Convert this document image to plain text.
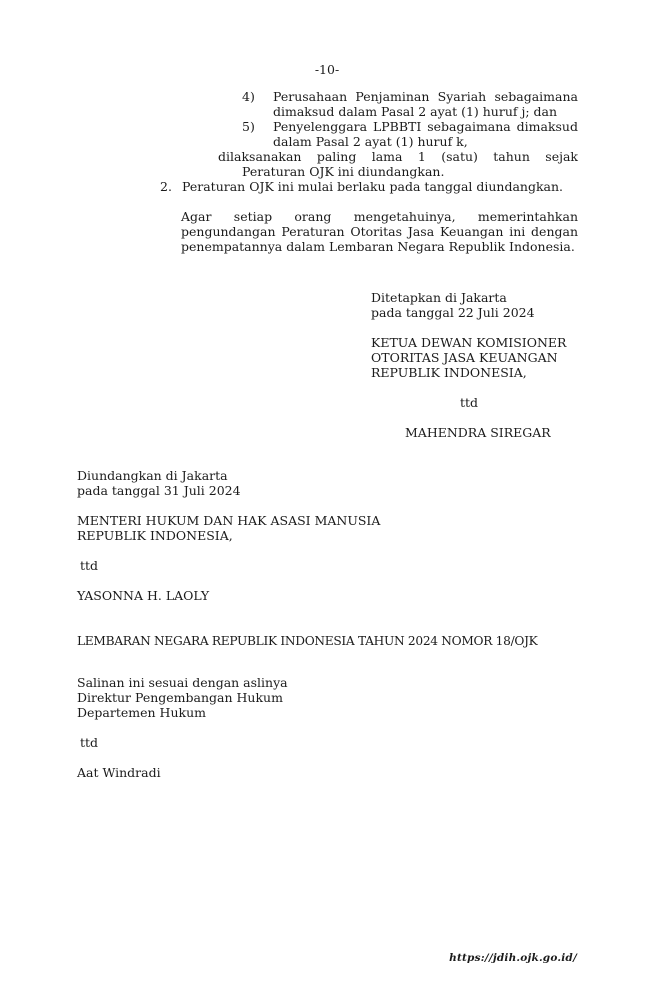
-10-
4)	Perusahaan Penjaminan Syariah sebagaimana
dimaksud dalam Pasal 2 ayat (1) huruf j; dan
5)	Penyelenggara LPBBTI sebagaimana dimaksud
dalam Pasal 2 ayat (1) huruf k,
dilaksanakan paling lama 1 (satu) tahun sejak
Peraturan OJK ini diundangkan.
2. Peraturan OJK ini mulai berlaku pada tanggal diundangkan.
Agar setiap orang mengetahuinya, memerintahkan
pengundangan Peraturan Otoritas Jasa Keuangan ini dengan
penempatannya dalam Lembaran Negara Republik Indonesia.
Ditetapkan di Jakarta
pada tanggal 22 Juli 2024
KETUA DEWAN KOMISIONER
OTORITAS JASA KEUANGAN
REPUBLIK INDONESIA,
ttd
MAHENDRA SIREGAR
Diundangkan di Jakarta
pada tanggal 31 Juli 2024
MENTERI HUKUM DAN HAK ASASI MANUSIA
REPUBLIK INDONESIA,
ttd
YASONNA H. LAOLY
LEMBARAN NEGARA REPUBLIK INDONESIA TAHUN 2024 NOMOR 18/OJK
Salinan ini sesuai dengan aslinya
Direktur Pengembangan Hukum
Departemen Hukum
ttd
Aat Windradi
https://jdih.ojk.go.id/
